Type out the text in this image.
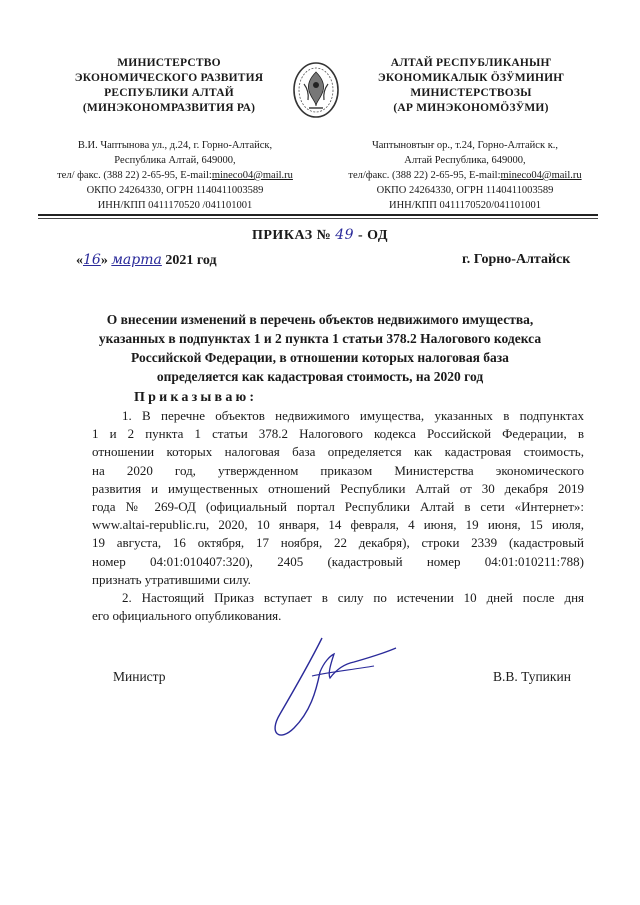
МИНИСТЕРСТВО
ЭКОНОМИЧЕСКОГО РАЗВИТИЯ
РЕСПУБЛИКИ АЛТАЙ
(МИНЭКОНОМРАЗВИТИЯ РА)
АЛТАЙ РЕСПУБЛИКАНЫҤ
ЭКОНОМИКАЛЫК ӦЗӰМИНИҤ
МИНИСТЕРСТВОЗЫ
(АР МИНЭКОНОМӦЗӰМИ)
В.И. Чаптынова ул., д.24, г. Горно-Алтайск,
Республика Алтай, 649000,
тел/ факс. (388 22) 2-65-95, E-mail:mineco04@mail.ru
ОКПО 24264330, ОГРН 1140411003589
ИНН/КПП 0411170520 /041101001
Чаптыновтыҥ ор., т.24, Горно-Алтайск к.,
Алтай Республика, 649000,
тел/факс. (388 22) 2-65-95, E-mail:mineco04@mail.ru
ОКПО 24264330, ОГРН 1140411003589
ИНН/КПП 0411170520/041101001
ПРИКАЗ № 49 - ОД
«16» марта 2021 год	г. Горно-Алтайск
О внесении изменений в перечень объектов недвижимого имущества,
указанных в подпунктах 1 и 2 пункта 1 статьи 378.2 Налогового кодекса
Российской Федерации, в отношении которых налоговая база
определяется как кадастровая стоимость, на 2020 год
Приказываю:
1. В перечне объектов недвижимого имущества, указанных в подпунктах
1 и 2 пункта 1 статьи 378.2 Налогового кодекса Российской Федерации, в
отношении которых налоговая база определяется как кадастровая стоимость,
на 2020 год, утвержденном приказом Министерства экономического
развития и имущественных отношений Республики Алтай от 30 декабря 2019
года № 269-ОД (официальный портал Республики Алтай в сети «Интернет»:
www.altai-republic.ru, 2020, 10 января, 14 февраля, 4 июня, 19 июня, 15 июля,
19 августа, 16 октября, 17 ноября, 22 декабря), строки 2339 (кадастровый
номер 04:01:010407:320), 2405 (кадастровый номер 04:01:010211:788)
признать утратившими силу.
2. Настоящий Приказ вступает в силу по истечении 10 дней после дня
его официального опубликования.
Министр	В.В. Тупикин
